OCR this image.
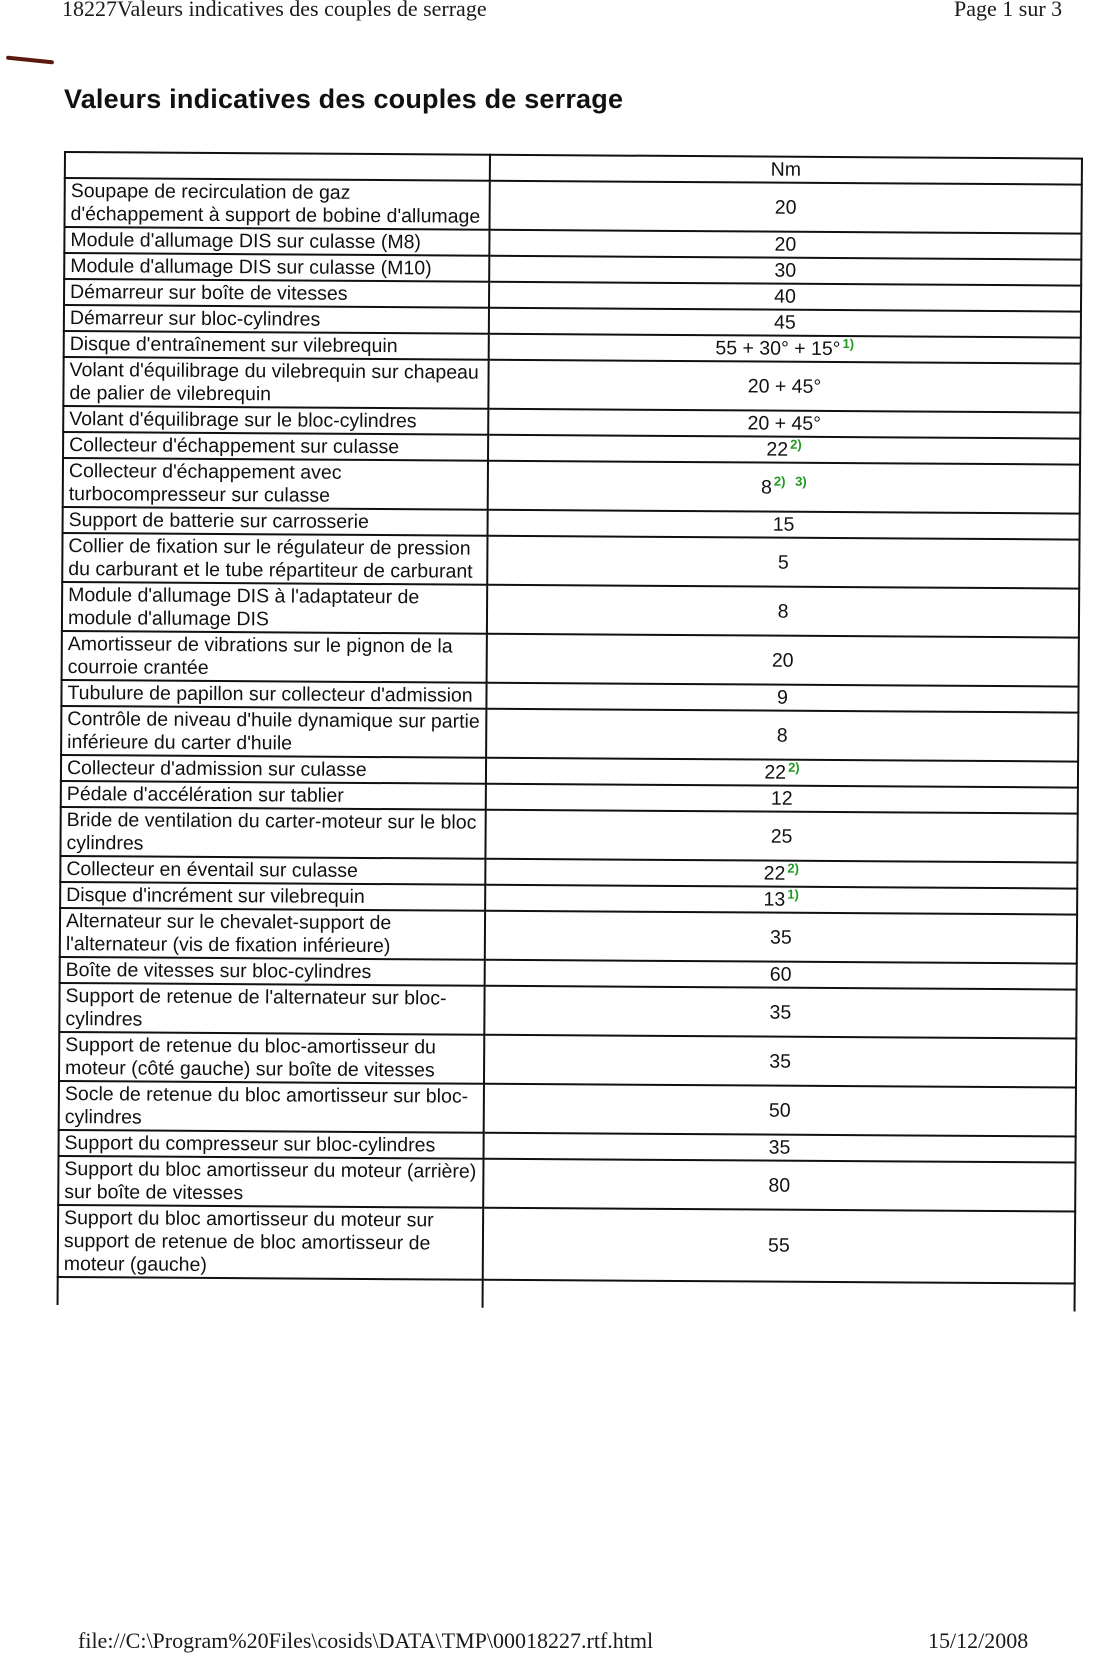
18227Valeurs indicatives des couples de serrage	Page 1 sur 3
Valeurs indicatives des couples de serrage
	Nm
Soupape de recirculation de gaz d'échappement à support de bobine d'allumage	20
Module d'allumage DIS sur culasse (M8)	20
Module d'allumage DIS sur culasse (M10)	30
Démarreur sur boîte de vitesses	40
Démarreur sur bloc-cylindres	45
Disque d'entraînement sur vilebrequin	55 + 30° + 15° $^{1)}$
Volant d'équilibrage du vilebrequin sur chapeau de palier de vilebrequin	20 + 45°
Volant d'équilibrage sur le bloc-cylindres	20 + 45°
Collecteur d'échappement sur culasse	22 $^{2)}$
Collecteur d'échappement avec turbocompresseur sur culasse	8 $^{2) 3)}$
Support de batterie sur carrosserie	15
Collier de fixation sur le régulateur de pression du carburant et le tube répartiteur de carburant	5
Module d'allumage DIS à l'adaptateur de module d'allumage DIS	8
Amortisseur de vibrations sur le pignon de la courroie crantée	20
Tubulure de papillon sur collecteur d'admission	9
Contrôle de niveau d'huile dynamique sur partie inférieure du carter d'huile	8
Collecteur d'admission sur culasse	22 $^{2)}$
Pédale d'accélération sur tablier	12
Bride de ventilation du carter-moteur sur le bloc cylindres	25
Collecteur en éventail sur culasse	22 $^{2)}$
Disque d'incrément sur vilebrequin	13 $^{1)}$
Alternateur sur le chevalet-support de l'alternateur (vis de fixation inférieure)	35
Boîte de vitesses sur bloc-cylindres	60
Support de retenue de l'alternateur sur bloc-cylindres	35
Support de retenue du bloc-amortisseur du moteur (côté gauche) sur boîte de vitesses	35
Socle de retenue du bloc amortisseur sur bloc-cylindres	50
Support du compresseur sur bloc-cylindres	35
Support du bloc amortisseur du moteur (arrière) sur boîte de vitesses	80
Support du bloc amortisseur du moteur sur support de retenue de bloc amortisseur de moteur (gauche)	55

file://C:\Program%20Files\cosids\DATA\TMP\00018227.rtf.html	15/12/2008
